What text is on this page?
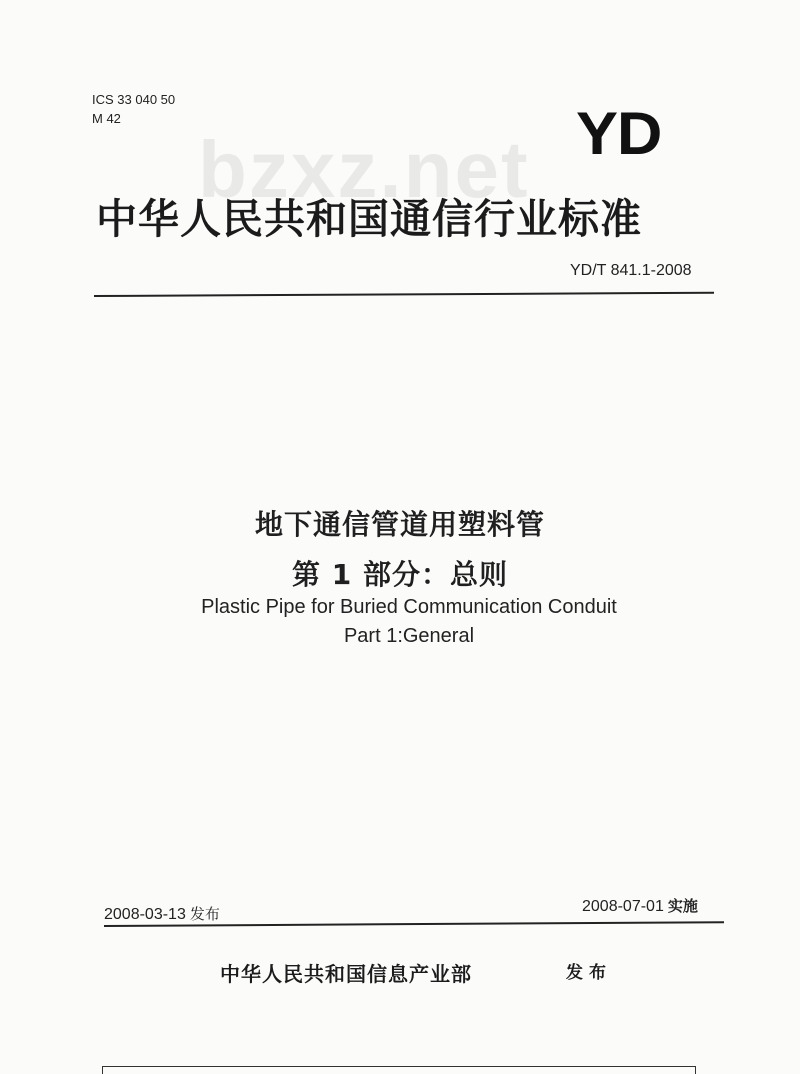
ICS 33 040 50
M 42
bzxz.net YD
中华人民共和国通信行业标准
YD/T 841.1-2008
地下通信管道用塑料管
第 1 部分：总则
Plastic Pipe for Buried Communication Conduit
Part 1:General
2008-03-13 发布	2008-07-01 实施
中华人民共和国信息产业部	发布
